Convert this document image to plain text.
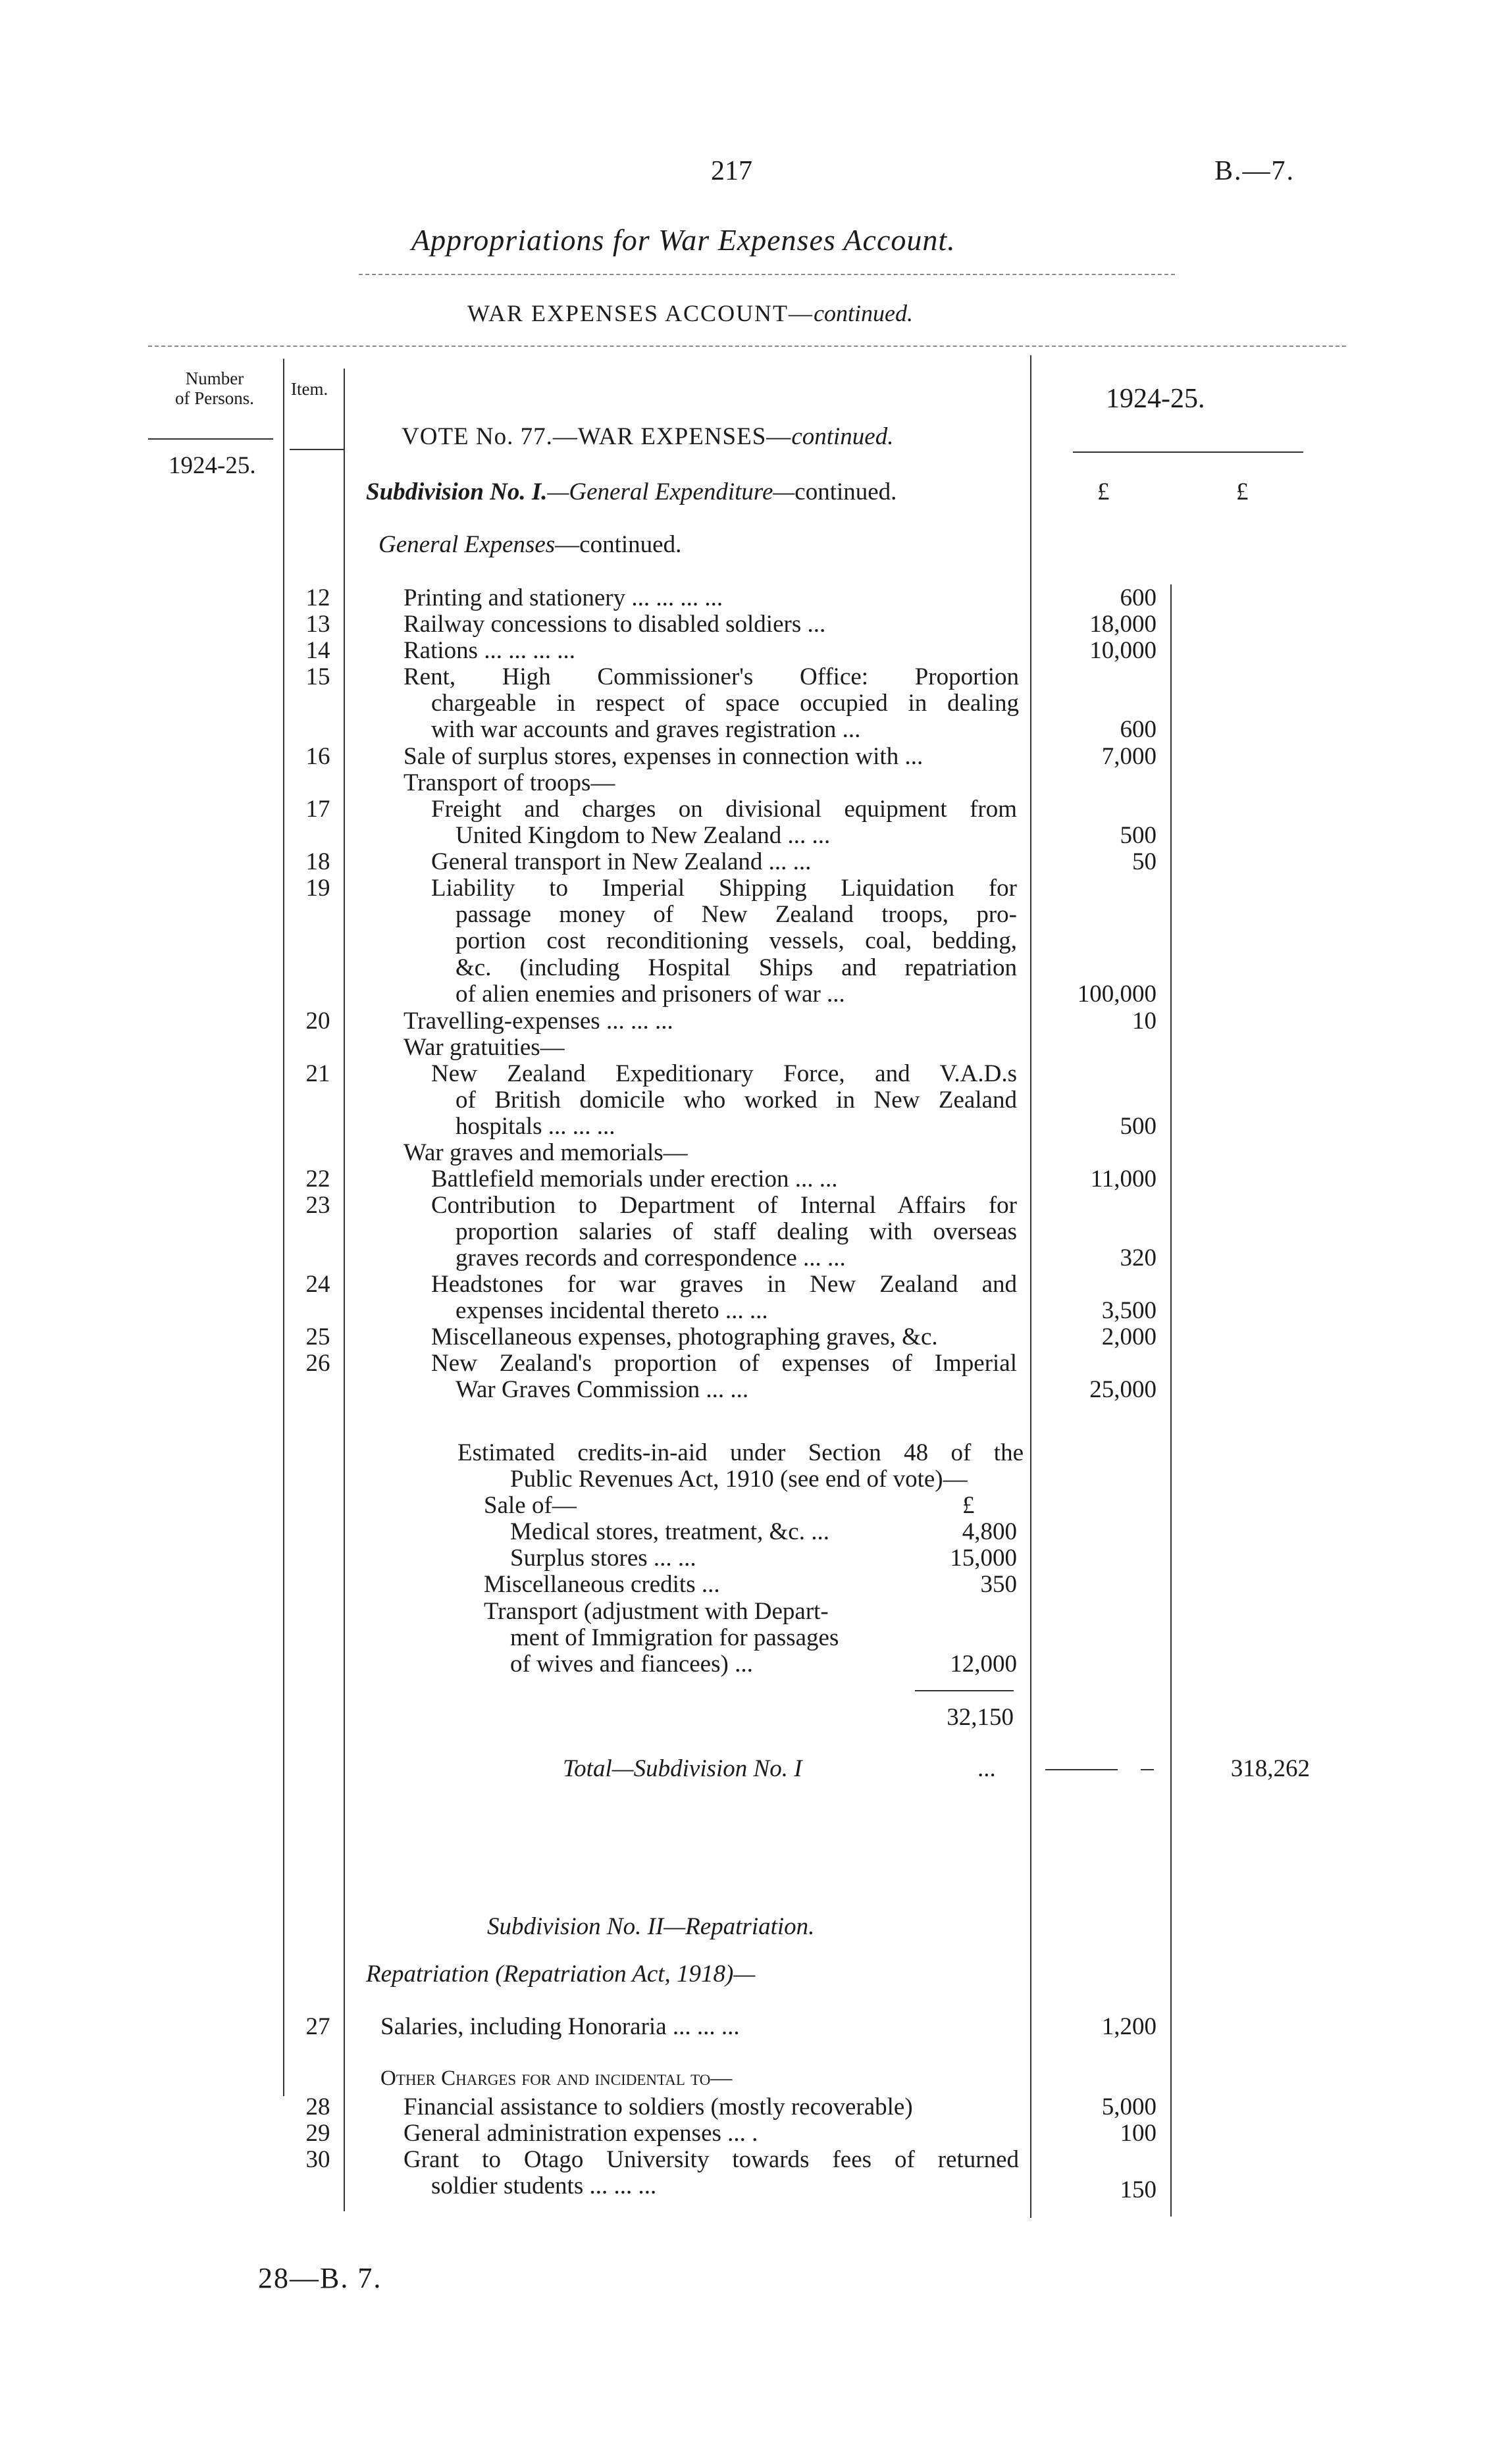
217	B.—7.
Appropriations for War Expenses Account.
WAR EXPENSES ACCOUNT—continued.
Number
of Persons.	Item.	1924-25.
1924-25.
VOTE No. 77.—WAR EXPENSES—continued.
Subdivision No. I.—General Expenditure—continued.	£	£
General Expenses—continued.
12	Printing and stationery ... ... ... ...	600
13	Railway concessions to disabled soldiers ...	18,000
14	Rations ... ... ... ...	10,000
15	Rent, High Commissioner's Office: Proportion
chargeable in respect of space occupied in dealing
with war accounts and graves registration ...	600
16	Sale of surplus stores, expenses in connection with ...	7,000
Transport of troops—
17	Freight and charges on divisional equipment from
United Kingdom to New Zealand ... ...	500
18	General transport in New Zealand ... ...	50
19	Liability to Imperial Shipping Liquidation for
passage money of New Zealand troops, pro-
portion cost reconditioning vessels, coal, bedding,
&c. (including Hospital Ships and repatriation
of alien enemies and prisoners of war ...	100,000
20	Travelling-expenses ... ... ...	10
War gratuities—
21	New Zealand Expeditionary Force, and V.A.D.s
of British domicile who worked in New Zealand
hospitals ... ... ...	500
War graves and memorials—
22	Battlefield memorials under erection ... ...	11,000
23	Contribution to Department of Internal Affairs for
proportion salaries of staff dealing with overseas
graves records and correspondence ... ...	320
24	Headstones for war graves in New Zealand and
expenses incidental thereto ... ...	3,500
25	Miscellaneous expenses, photographing graves, &c.	2,000
26	New Zealand's proportion of expenses of Imperial
War Graves Commission ... ...	25,000
Estimated credits-in-aid under Section 48 of the
Public Revenues Act, 1910 (see end of vote)—
Sale of—	£
Medical stores, treatment, &c. ...	4,800
Surplus stores ... ...	15,000
Miscellaneous credits ...	350
Transport (adjustment with Depart-
ment of Immigration for passages
of wives and fiancees) ...	12,000
32,150
Total—Subdivision No. I	...	318,262
Subdivision No. II—Repatriation.
Repatriation (Repatriation Act, 1918)—
27	Salaries, including Honoraria ... ... ...	1,200
Other Charges for and incidental to—
28	Financial assistance to soldiers (mostly recoverable)	5,000
29	General administration expenses ... .	100
30	Grant to Otago University towards fees of returned
soldier students ... ... ...	150
28—B. 7.
